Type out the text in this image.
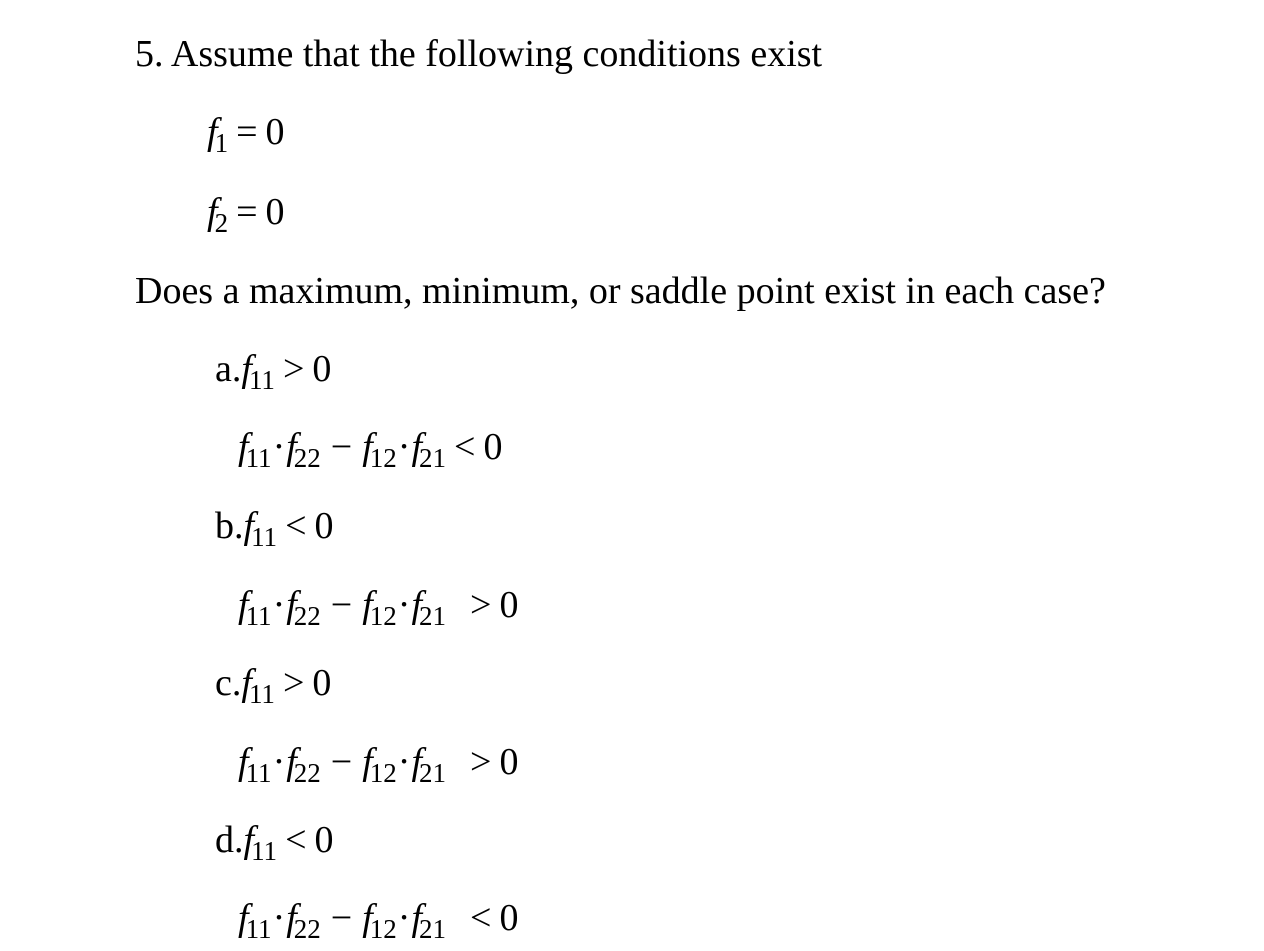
5. Assume that the following conditions exist
$f_1 = 0$
$f_2 = 0$
Does a maximum, minimum, or saddle point exist in each case?
$a.f_{11} > 0$
$f_{11}\cdot f_{22} - f_{12}\cdot f_{21} < 0$
$b.f_{11} < 0$
$f_{11}\cdot f_{22} - f_{12}\cdot f_{21} > 0$
$c.f_{11} > 0$
$f_{11}\cdot f_{22} - f_{12}\cdot f_{21} > 0$
$d.f_{11} < 0$
$f_{11}\cdot f_{22} - f_{12}\cdot f_{21} < 0$
